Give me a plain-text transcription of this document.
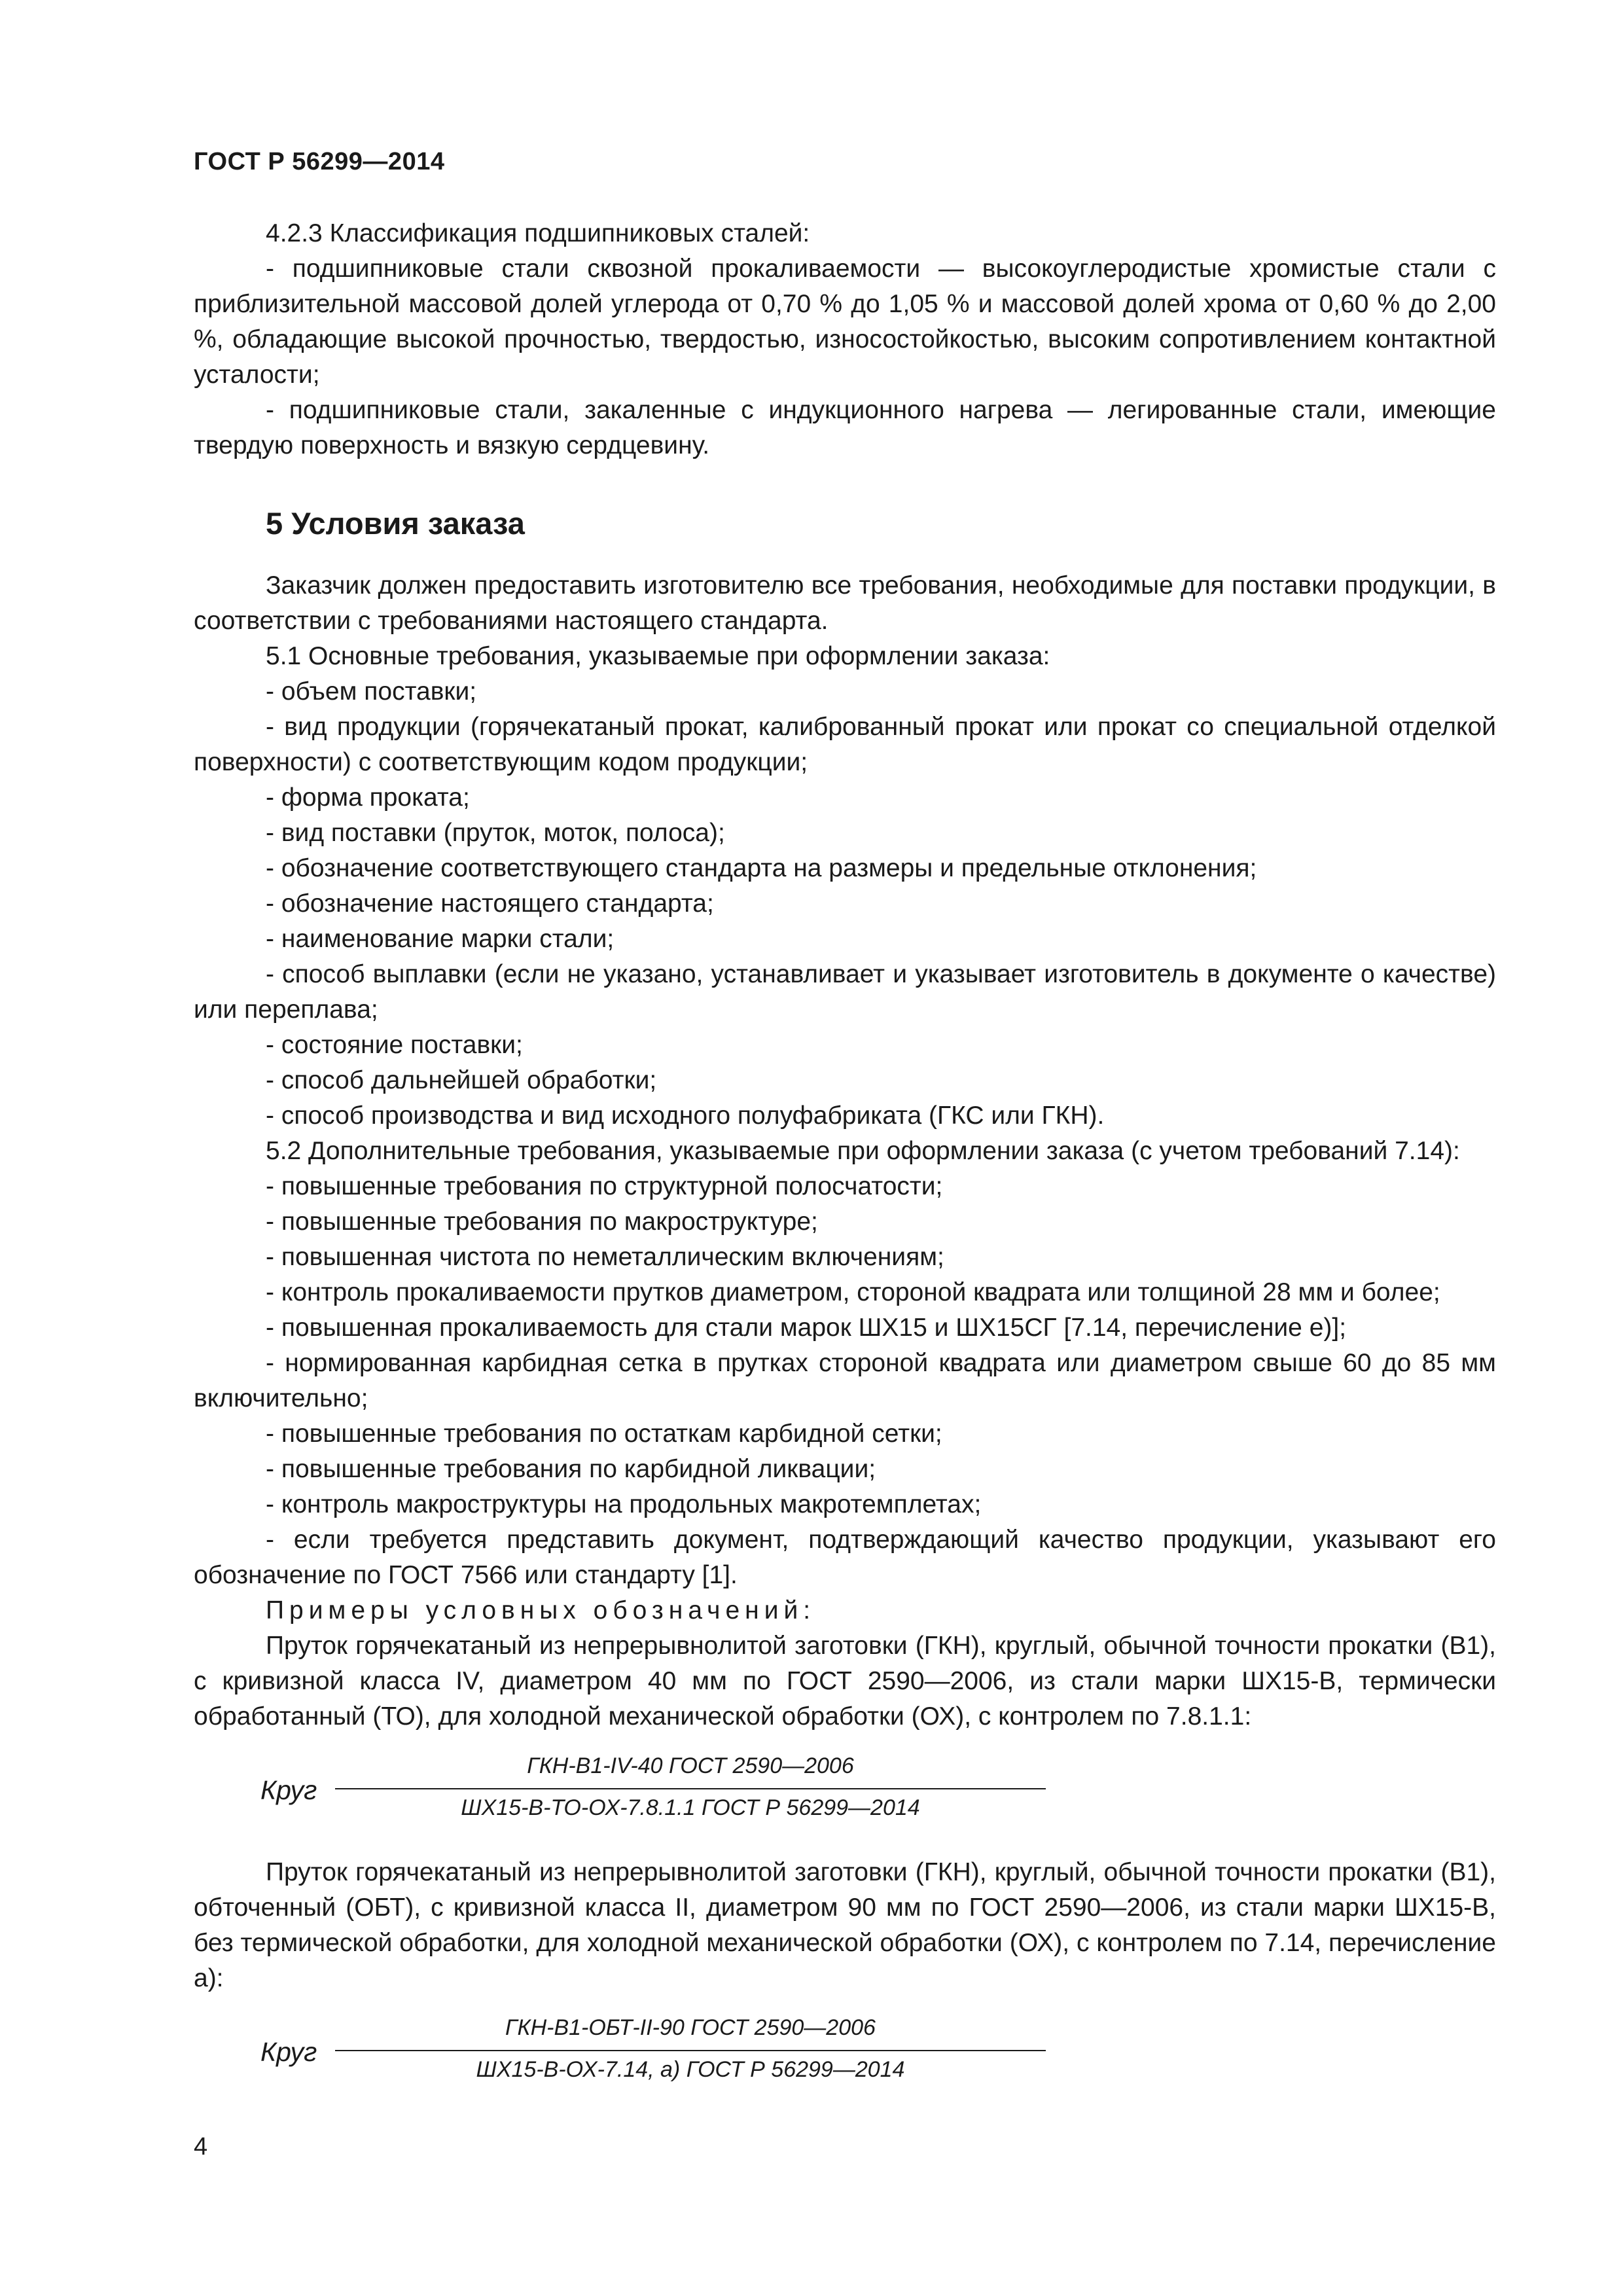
ГОСТ Р 56299—2014

4.2.3 Классификация подшипниковых сталей:

- подшипниковые стали сквозной прокаливаемости — высокоуглеродистые хромистые стали с приблизительной массовой долей углерода от 0,70 % до 1,05 % и массовой долей хрома от 0,60 % до 2,00 %, обладающие высокой прочностью, твердостью, износостойкостью, высоким сопротивлением контактной усталости;

- подшипниковые стали, закаленные с индукционного нагрева — легированные стали, имеющие твердую поверхность и вязкую сердцевину.

5 Условия заказа

Заказчик должен предоставить изготовителю все требования, необходимые для поставки продукции, в соответствии с требованиями настоящего стандарта.

5.1 Основные требования, указываемые при оформлении заказа:

- объем поставки;

- вид продукции (горячекатаный прокат, калиброванный прокат или прокат со специальной отделкой поверхности) с соответствующим кодом продукции;

- форма проката;

- вид поставки (пруток, моток, полоса);

- обозначение соответствующего стандарта на размеры и предельные отклонения;

- обозначение настоящего стандарта;

- наименование марки стали;

- способ выплавки (если не указано, устанавливает и указывает изготовитель в документе о качестве) или переплава;

- состояние поставки;

- способ дальнейшей обработки;

- способ производства и вид исходного полуфабриката (ГКС или ГКН).

5.2 Дополнительные требования, указываемые при оформлении заказа (с учетом требований 7.14):

- повышенные требования по структурной полосчатости;

- повышенные требования по макроструктуре;

- повышенная чистота по неметаллическим включениям;

- контроль прокаливаемости прутков диаметром, стороной квадрата или толщиной 28 мм и более;

- повышенная прокаливаемость для стали марок ШХ15 и ШХ15СГ [7.14, перечисление е)];

- нормированная карбидная сетка в прутках стороной квадрата или диаметром свыше 60 до 85 мм включительно;

- повышенные требования по остаткам карбидной сетки;

- повышенные требования по карбидной ликвации;

- контроль макроструктуры на продольных макротемплетах;

- если требуется представить документ, подтверждающий качество продукции, указывают его обозначение по ГОСТ 7566 или стандарту [1].

Примеры условных обозначений:

Пруток горячекатаный из непрерывнолитой заготовки (ГКН), круглый, обычной точности прокатки (В1), с кривизной класса IV, диаметром 40 мм по ГОСТ 2590—2006, из стали марки ШХ15-В, термически обработанный (ТО), для холодной механической обработки (ОХ), с контролем по 7.8.1.1:

Круг
ГКН-В1-IV-40 ГОСТ 2590—2006
ШХ15-В-ТО-ОХ-7.8.1.1 ГОСТ Р 56299—2014

Пруток горячекатаный из непрерывнолитой заготовки (ГКН), круглый, обычной точности прокатки (В1), обточенный (ОБТ), с кривизной класса II, диаметром 90 мм по ГОСТ 2590—2006, из стали марки ШХ15-В, без термической обработки, для холодной механической обработки (ОХ), с контролем по 7.14, перечисление а):

Круг
ГКН-В1-ОБТ-II-90 ГОСТ 2590—2006
ШХ15-В-ОХ-7.14, а) ГОСТ Р 56299—2014
4
